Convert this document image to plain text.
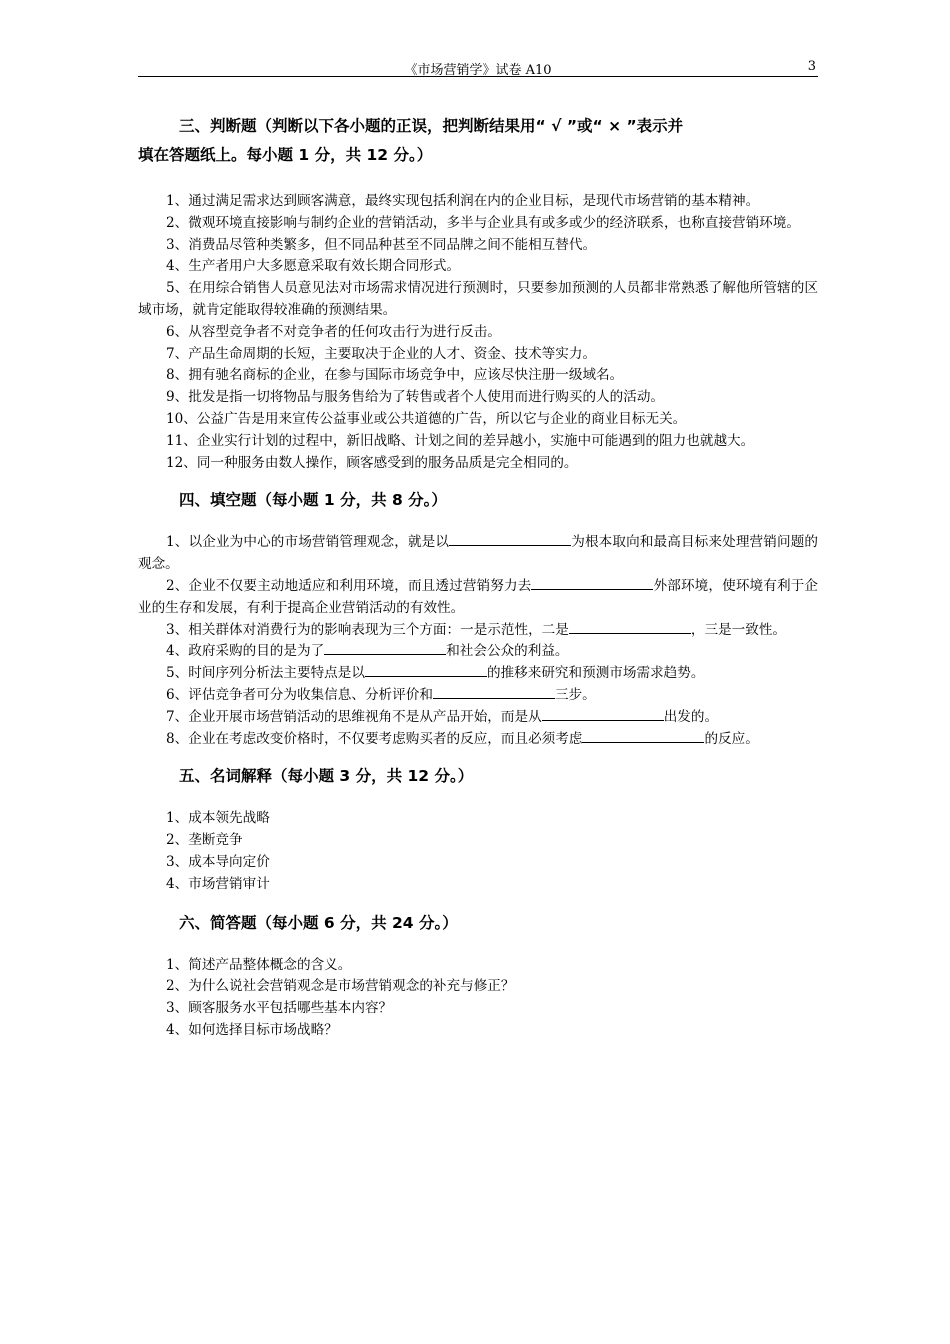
《市场营销学》试卷 A10	3

三、判断题（判断以下各小题的正误，把判断结果用“ √ ”或“ × ”表示并

填在答题纸上。每小题 1 分，共 12 分。）

1、通过满足需求达到顾客满意，最终实现包括利润在内的企业目标，是现代市场营销的基本精神。

2、微观环境直接影响与制约企业的营销活动，多半与企业具有或多或少的经济联系，也称直接营销环境。

3、消费品尽管种类繁多，但不同品种甚至不同品牌之间不能相互替代。

4、生产者用户大多愿意采取有效长期合同形式。

5、在用综合销售人员意见法对市场需求情况进行预测时，只要参加预测的人员都非常熟悉了解他所管辖的区域市场，就肯定能取得较准确的预测结果。

6、从容型竞争者不对竞争者的任何攻击行为进行反击。

7、产品生命周期的长短，主要取决于企业的人才、资金、技术等实力。

8、拥有驰名商标的企业，在参与国际市场竞争中，应该尽快注册一级域名。

9、批发是指一切将物品与服务售给为了转售或者个人使用而进行购买的人的活动。

10、公益广告是用来宣传公益事业或公共道德的广告，所以它与企业的商业目标无关。

11、企业实行计划的过程中，新旧战略、计划之间的差异越小，实施中可能遇到的阻力也就越大。

12、同一种服务由数人操作，顾客感受到的服务品质是完全相同的。

四、填空题（每小题 1 分，共 8 分。）

1、以企业为中心的市场营销管理观念，就是以	为根本取向和最高目标来处理营销问题的观念。

2、企业不仅要主动地适应和利用环境，而且透过营销努力去	外部环境，使环境有利于企业的生存和发展，有利于提高企业营销活动的有效性。

3、相关群体对消费行为的影响表现为三个方面：一是示范性，二是	，三是一致性。

4、政府采购的目的是为了	和社会公众的利益。

5、时间序列分析法主要特点是以	的推移来研究和预测市场需求趋势。

6、评估竞争者可分为收集信息、分析评价和	三步。

7、企业开展市场营销活动的思维视角不是从产品开始，而是从	出发的。

8、企业在考虑改变价格时，不仅要考虑购买者的反应，而且必须考虑	的反应。

五、名词解释（每小题 3 分，共 12 分。）

1、成本领先战略

2、垄断竞争

3、成本导向定价

4、市场营销审计

六、简答题（每小题 6 分，共 24 分。）

1、简述产品整体概念的含义。

2、为什么说社会营销观念是市场营销观念的补充与修正？

3、顾客服务水平包括哪些基本内容？

4、如何选择目标市场战略？
